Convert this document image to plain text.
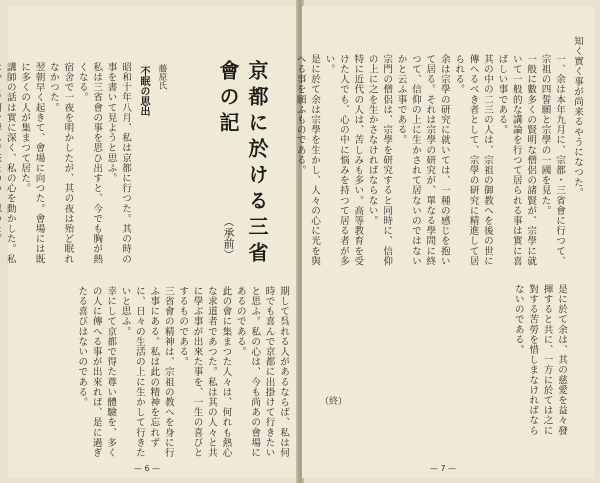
京都に於ける三省會の記
（承前）
藤原氏
不眠の思出
昭和十年八月、私は京都に行つた。其の時の事を書いて見ようと思ふ。
私は三省會の事を思ひ出すと、今でも胸が熱くなる。
宿舍で一夜を明かしたが、其の夜は殆ど眠れなかつた。
翌朝早く起きて、會場に向つた。會場には既に多くの人が集まつて居た。
講師の話は實に深く、私の心を動かした。私

期して呉れる人があるならば、私は何時でも喜んで京都に出掛けて行きたいと思ふ。私の心は、今も尚あの會場にあるのである。
此の會に集まつた人々は、何れも熱心な求道者であつた。私は其の人々と共に學ぶ事が出來た事を、一生の喜びとするものである。
三省會の精神は、宗祖の教へを身に行ふ事にある。私は此の精神を忘れずに、日々の生活の上に生かして行きたいと思ふ。
幸にして京都で得た尊い體驗を、多くの人に傳へる事が出來れば、是に過ぎたる喜びはないのである。
— 6 —
知く實く事が尚来るやうになつた。
一、余は本年九月に、宗都・三省會に行つて、宗祖の四誓願と宗學の一國を見た。
一般に數多くの賢明な僧侶の諸賢が、宗學に就いて一般的な講論を行つて居られる事は實に喜ばしい事である。
其の中の二三の人は、宗祖の御教へを後の世に傳へるべき者として、宗學の研究に精進して居られる。
余は宗學の研究に就いては、一種の感じを抱いて居る。それは宗學の研究が、單なる學問に終つて、信仰の上に生かされて居ないのではないかと云ふ事である。
宗門の僧侶は、宗學を研究すると同時に、信仰の上に之を生かさなければならない。
特に近代の人は、苦しみも多い。高等教育を受けた人でも、心の中に悩みを持つて居る者が多い。
是に於て余は宗學を生かし、人々の心に光を與へる事を願ふものである。
是に於て余は、其の慈愛を益々發揮すると共に、一方に於ては之に對する苦勞を惜しまなければならないのである。
（終）
— 7 —
